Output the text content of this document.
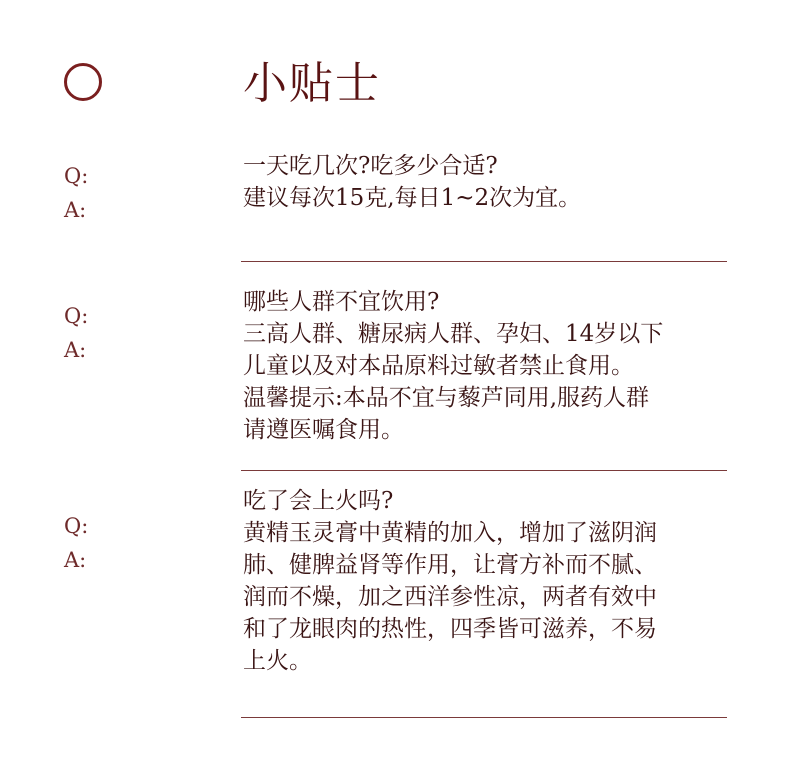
小贴士
Q:
A:
一天吃几次?吃多少合适?
建议每次15克,每日1~2次为宜。
Q:
A:
哪些人群不宜饮用?
三高人群、糖尿病人群、孕妇、14岁以下
儿童以及对本品原料过敏者禁止食用。
温馨提示:本品不宜与藜芦同用,服药人群
请遵医嘱食用。
Q:
A:
吃了会上火吗?
黄精玉灵膏中黄精的加入，增加了滋阴润
肺、健脾益肾等作用，让膏方补而不腻、
润而不燥，加之西洋参性凉，两者有效中
和了龙眼肉的热性，四季皆可滋养，不易
上火。
